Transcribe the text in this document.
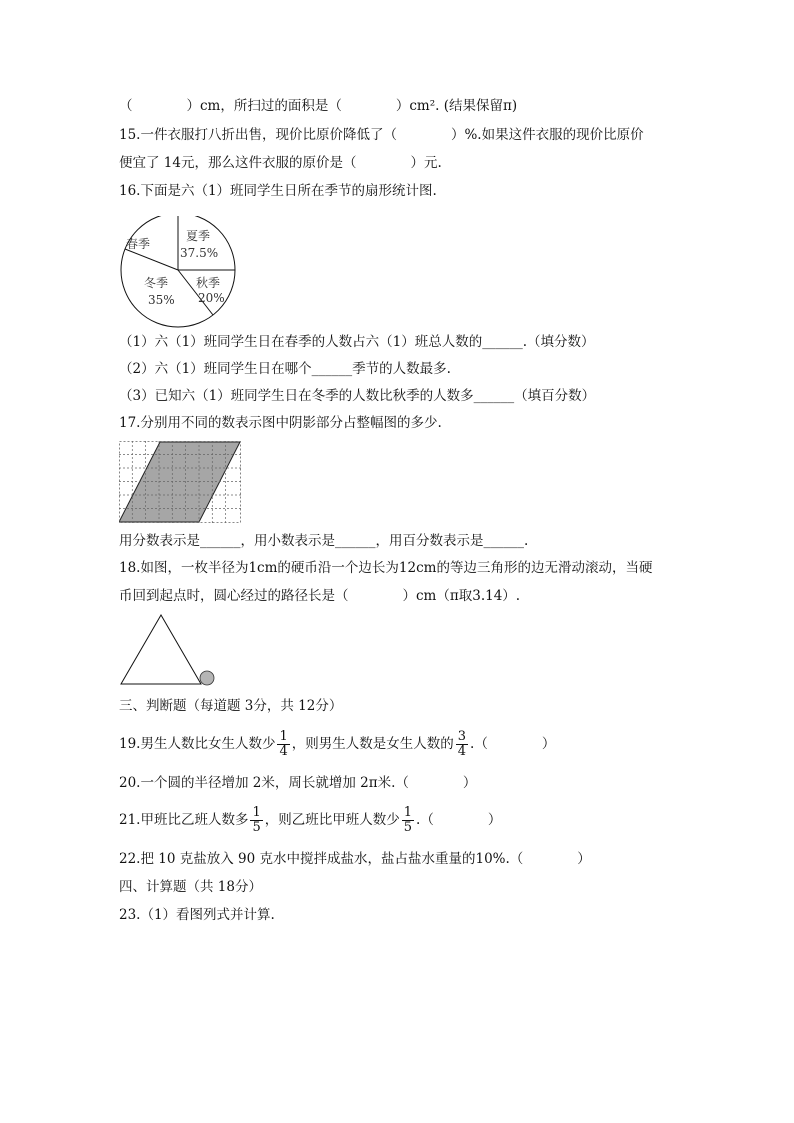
（　　　　）cm，所扫过的面积是（　　　　）cm². (结果保留π)
15.一件衣服打八折出售，现价比原价降低了（　　　　）%.如果这件衣服的现价比原价
便宜了 14元，那么这件衣服的原价是（　　　　）元.
16.下面是六（1）班同学生日所在季节的扇形统计图.
春季
夏季
37.5%
秋季
20%
冬季
35%
（1）六（1）班同学生日在春季的人数占六（1）班总人数的______.（填分数）
（2）六（1）班同学生日在哪个______季节的人数最多.
（3）已知六（1）班同学生日在冬季的人数比秋季的人数多______（填百分数）
17.分别用不同的数表示图中阴影部分占整幅图的多少.
用分数表示是______，用小数表示是______，用百分数表示是______.
18.如图，一枚半径为1cm的硬币沿一个边长为12cm的等边三角形的边无滑动滚动，当硬
币回到起点时，圆心经过的路径长是（　　　　）cm（π取3.14）.
三、判断题（每道题 3分，共 12分）
19.男生人数比女生人数少 $\frac{1}{4}$ ，则男生人数是女生人数的 $\frac{3}{4}$ .（　　　　）
20.一个圆的半径增加 2米，周长就增加 2π米.（　　　　）
21.甲班比乙班人数多 $\frac{1}{5}$ ，则乙班比甲班人数少 $\frac{1}{5}$ .（　　　　）
22.把 10 克盐放入 90 克水中搅拌成盐水，盐占盐水重量的10%.（　　　　）
四、计算题（共 18分）
23.（1）看图列式并计算.
